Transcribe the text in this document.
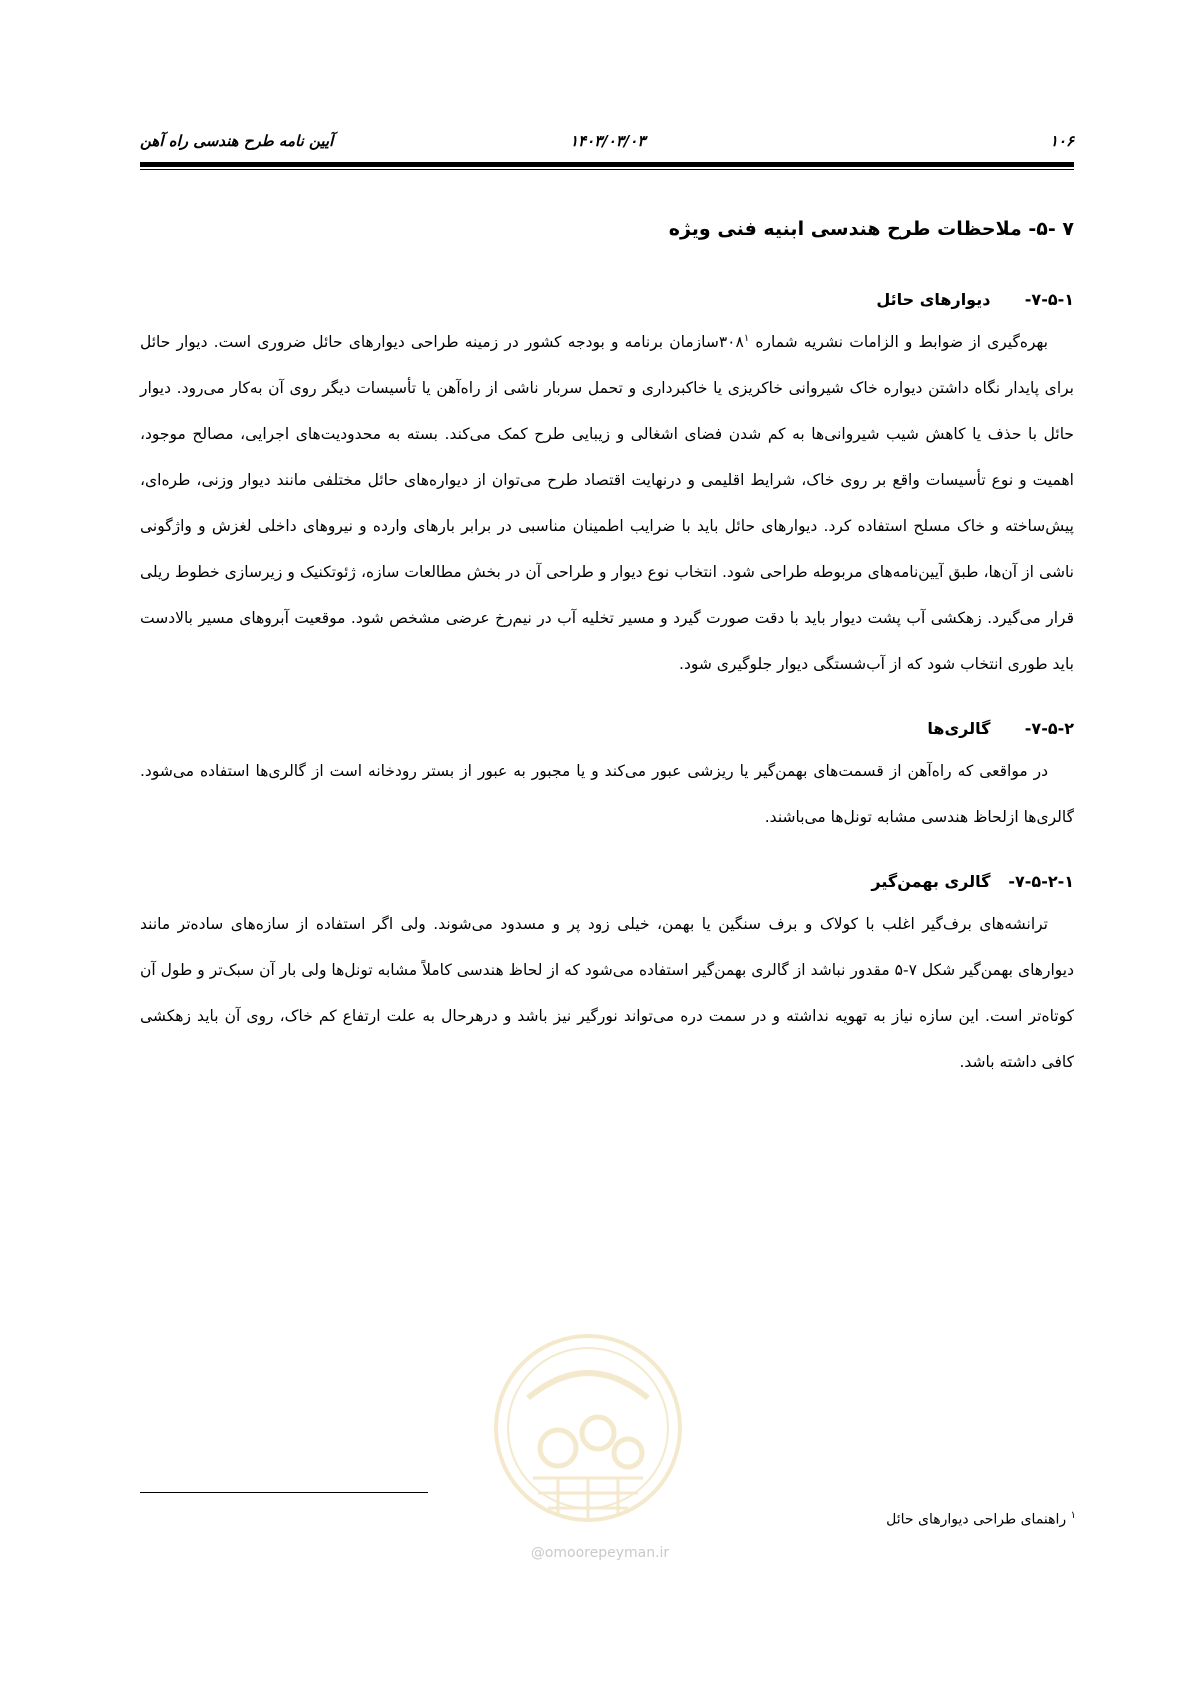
آیین نامه طرح هندسی راه آهن	۱۴۰۳/۰۳/۰۳	۱۰۶
۷ -۵- ملاحظات طرح هندسی ابنیه فنی ویژه
۷-۵-۱- دیوارهای حائل

بهره‌گیری از ضوابط و الزامات نشریه شماره ۳۰۸$^۱$سازمان برنامه و بودجه کشور در زمینه طراحی دیوارهای حائل ضروری است. دیوار حائل برای پایدار نگاه داشتن دیواره خاک شیروانی خاکریزی یا خاکبرداری و تحمل سربار ناشی از راه‌آهن یا تأسیسات دیگر روی آن به‌کار می‌رود. دیوار حائل با حذف یا کاهش شیب شیروانی‌ها به کم شدن فضای اشغالی و زیبایی طرح کمک می‌کند. بسته به محدودیت‌های اجرایی، مصالح موجود، اهمیت و نوع تأسیسات واقع بر روی خاک، شرایط اقلیمی و درنهایت اقتصاد طرح می‌توان از دیواره‌های حائل مختلفی مانند دیوار وزنی، طره‌ای، پیش‌ساخته و خاک مسلح استفاده کرد. دیوارهای حائل باید با ضرایب اطمینان مناسبی در برابر بارهای وارده و نیروهای داخلی لغزش و واژگونی ناشی از آن‌ها، طبق آیین‌نامه‌های مربوطه طراحی شود. انتخاب نوع دیوار و طراحی آن در بخش مطالعات سازه، ژئوتکنیک و زیرسازی خطوط ریلی قرار می‌گیرد. زهکشی آب پشت دیوار باید با دقت صورت گیرد و مسیر تخلیه آب در نیم‌رخ عرضی مشخص شود. موقعیت آبروهای مسیر بالادست باید طوری انتخاب شود که از آب‌شستگی دیوار جلوگیری شود.

۷-۵-۲- گالری‌ها

در مواقعی که راه‌آهن از قسمت‌های بهمن‌گیر یا ریزشی عبور می‌کند و یا مجبور به عبور از بستر رودخانه است از گالری‌ها استفاده می‌شود. گالری‌ها ازلحاظ هندسی مشابه تونل‌ها می‌باشند.

۷-۵-۲-۱- گالری بهمن‌گیر

ترانشه‌های برف‌گیر اغلب با کولاک و برف سنگین یا بهمن، خیلی زود پر و مسدود می‌شوند. ولی اگر استفاده از سازه‌های ساده‌تر مانند دیوارهای بهمن‌گیر شکل ۷-۵ مقدور نباشد از گالری بهمن‌گیر استفاده می‌شود که از لحاظ هندسی کاملاً مشابه تونل‌ها ولی بار آن سبک‌تر و طول آن کوتاه‌تر است. این سازه نیاز به تهویه نداشته و در سمت دره می‌تواند نورگیر نیز باشد و درهرحال به علت ارتفاع کم خاک، روی آن باید زهکشی کافی داشته باشد.

@omoorepeyman.ir
$^۱$ راهنمای طراحی دیوارهای حائل
